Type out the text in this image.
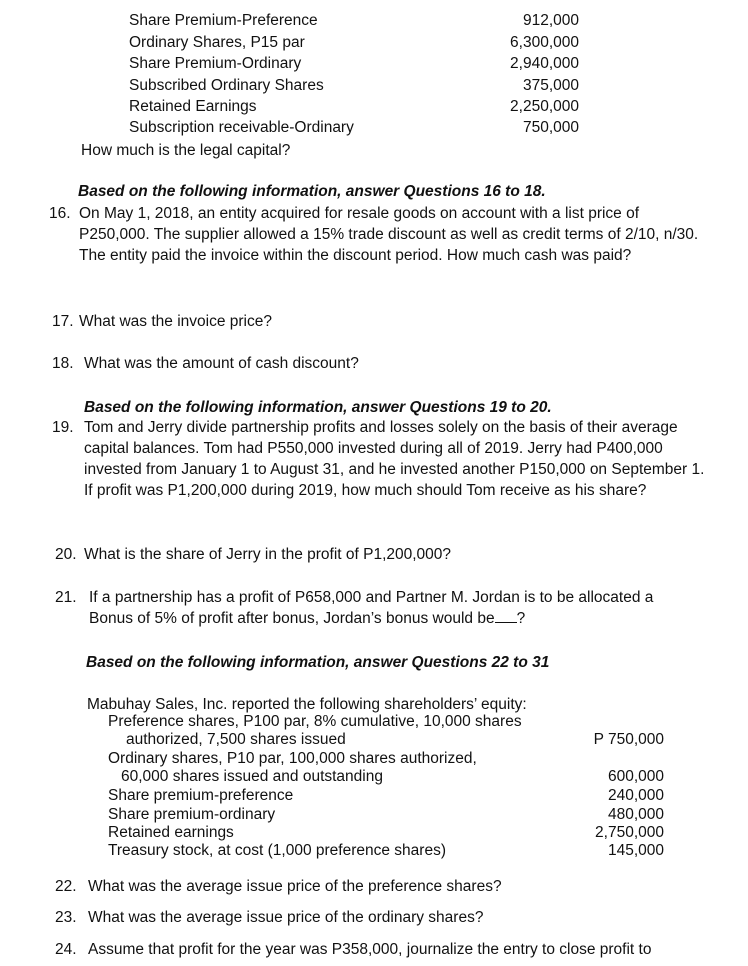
Share Premium-Preference	912,000
Ordinary Shares, P15 par	6,300,000
Share Premium-Ordinary	2,940,000
Subscribed Ordinary Shares	375,000
Retained Earnings	2,250,000
Subscription receivable-Ordinary	750,000
How much is the legal capital?
Based on the following information, answer Questions 16 to 18.
16. On May 1, 2018, an entity acquired for resale goods on account with a list price of P250,000. The supplier allowed a 15% trade discount as well as credit terms of 2/10, n/30. The entity paid the invoice within the discount period. How much cash was paid?
17. What was the invoice price?
18. What was the amount of cash discount?
Based on the following information, answer Questions 19 to 20.
19. Tom and Jerry divide partnership profits and losses solely on the basis of their average capital balances. Tom had P550,000 invested during all of 2019. Jerry had P400,000 invested from January 1 to August 31, and he invested another P150,000 on September 1. If profit was P1,200,000 during 2019, how much should Tom receive as his share?
20. What is the share of Jerry in the profit of P1,200,000?
21. If a partnership has a profit of P658,000 and Partner M. Jordan is to be allocated a
Bonus of 5% of profit after bonus, Jordan’s bonus would be ?
Based on the following information, answer Questions 22 to 31
Mabuhay Sales, Inc. reported the following shareholders’ equity:
Preference shares, P100 par, 8% cumulative, 10,000 shares
authorized, 7,500 shares issued	P 750,000
Ordinary shares, P10 par, 100,000 shares authorized,
60,000 shares issued and outstanding	600,000
Share premium-preference	240,000
Share premium-ordinary	480,000
Retained earnings	2,750,000
Treasury stock, at cost (1,000 preference shares)	145,000
22. What was the average issue price of the preference shares?
23. What was the average issue price of the ordinary shares?
24. Assume that profit for the year was P358,000, journalize the entry to close profit to
